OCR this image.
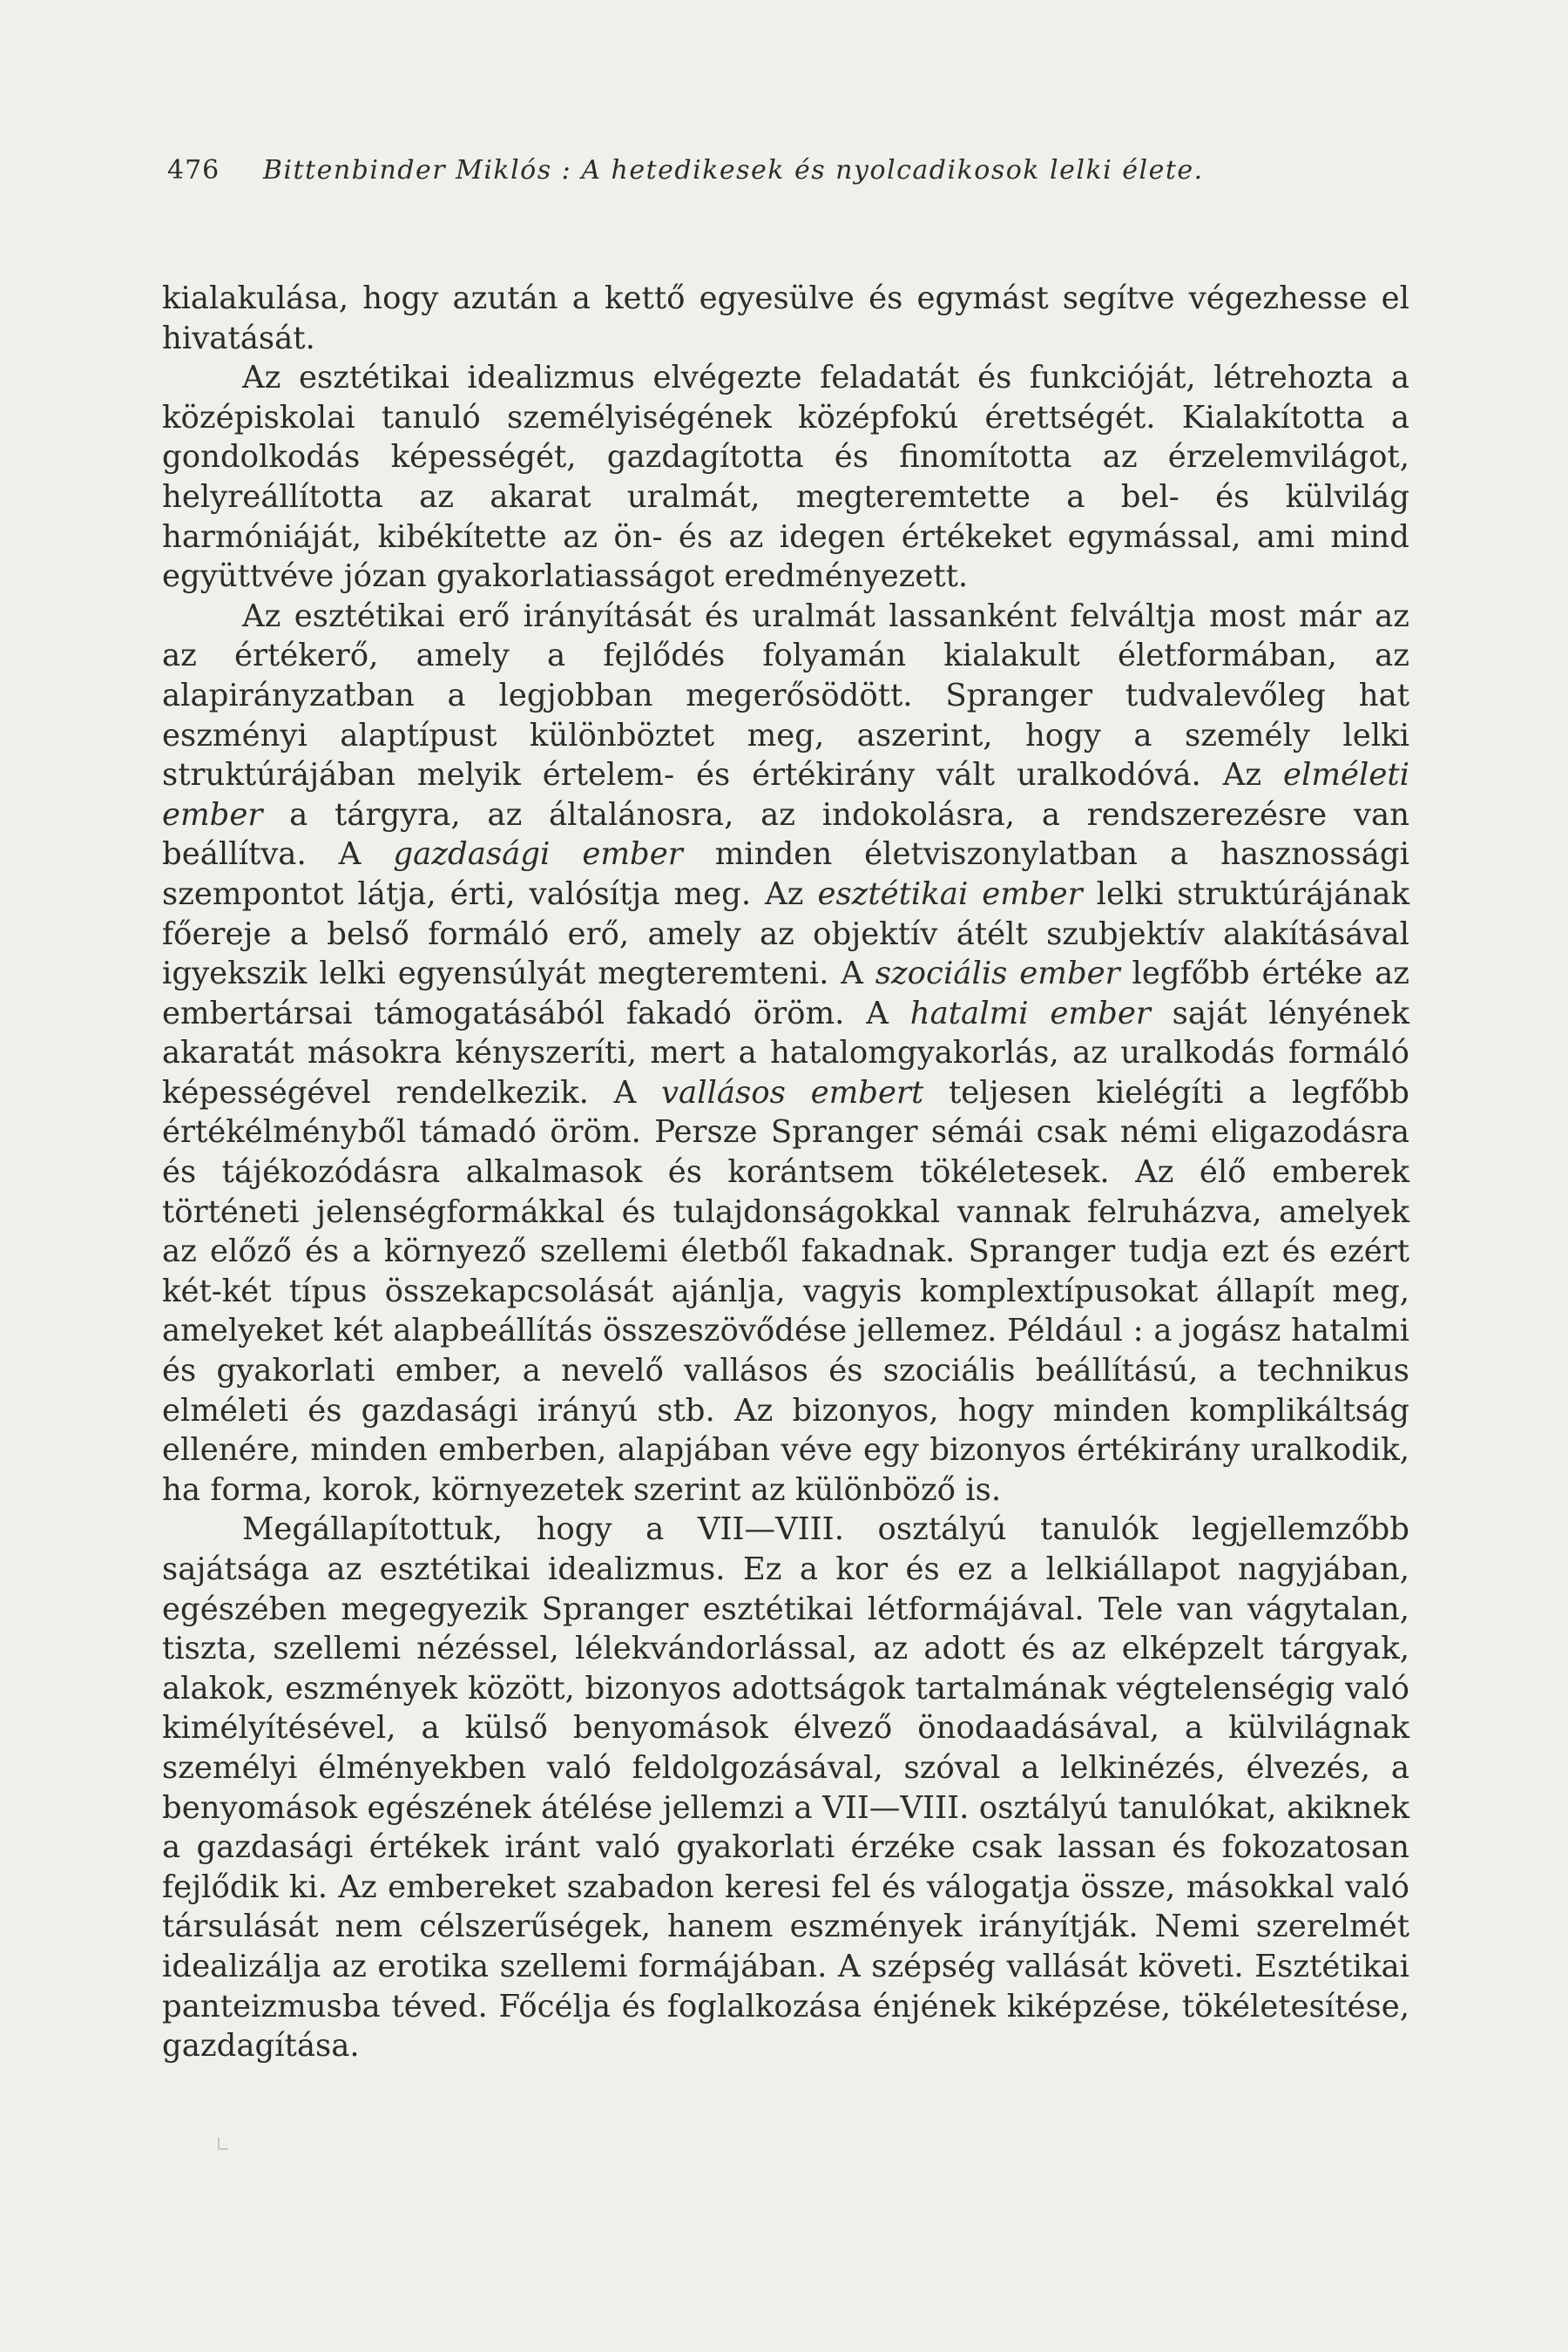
476 Bittenbinder Miklós : A hetedikesek és nyolcadikosok lelki élete.

kialakulása, hogy azután a kettő egyesülve és egymást segítve végezhesse el hivatását.

Az esztétikai idealizmus elvégezte feladatát és funkcióját, létrehozta a középiskolai tanuló személyiségének középfokú érettségét. Kialakította a gondolkodás képességét, gazdagította és finomította az érzelemvilágot, helyreállította az akarat uralmát, megteremtette a bel- és külvilág harmóniáját, kibékítette az ön- és az idegen értékeket egymással, ami mind együttvéve józan gyakorlatiasságot eredményezett.

Az esztétikai erő irányítását és uralmát lassanként felváltja most már az az értékerő, amely a fejlődés folyamán kialakult életformában, az alapirányzatban a legjobban megerősödött. Spranger tudvalevőleg hat eszményi alaptípust különböztet meg, aszerint, hogy a személy lelki struktúrájában melyik értelem- és értékirány vált uralkodóvá. Az elméleti ember a tárgyra, az általánosra, az indokolásra, a rendszerezésre van beállítva. A gazdasági ember minden életviszonylatban a hasznossági szempontot látja, érti, valósítja meg. Az esztétikai ember lelki struktúrájának főereje a belső formáló erő, amely az objektív átélt szubjektív alakításával igyekszik lelki egyensúlyát megteremteni. A szociális ember legfőbb értéke az embertársai támogatásából fakadó öröm. A hatalmi ember saját lényének akaratát másokra kényszeríti, mert a hatalomgyakorlás, az uralkodás formáló képességével rendelkezik. A vallásos embert teljesen kielégíti a legfőbb értékélményből támadó öröm. Persze Spranger sémái csak némi eligazodásra és tájékozódásra alkalmasok és korántsem tökéletesek. Az élő emberek történeti jelenségformákkal és tulajdonságokkal vannak felruházva, amelyek az előző és a környező szellemi életből fakadnak. Spranger tudja ezt és ezért két-két típus összekapcsolását ajánlja, vagyis komplextípusokat állapít meg, amelyeket két alapbeállítás összeszövődése jellemez. Például : a jogász hatalmi és gyakorlati ember, a nevelő vallásos és szociális beállítású, a technikus elméleti és gazdasági irányú stb. Az bizonyos, hogy minden komplikáltság ellenére, minden emberben, alapjában véve egy bizonyos értékirány uralkodik, ha forma, korok, környezetek szerint az különböző is.

Megállapítottuk, hogy a VII—VIII. osztályú tanulók legjellemzőbb sajátsága az esztétikai idealizmus. Ez a kor és ez a lelkiállapot nagyjában, egészében megegyezik Spranger esztétikai létformájával. Tele van vágytalan, tiszta, szellemi nézéssel, lélekvándorlással, az adott és az elképzelt tárgyak, alakok, eszmények között, bizonyos adottságok tartalmának végtelenségig való kimélyítésével, a külső benyomások élvező önodaadásával, a külvilágnak személyi élményekben való feldolgozásával, szóval a lelkinézés, élvezés, a benyomások egészének átélése jellemzi a VII—VIII. osztályú tanulókat, akiknek a gazdasági értékek iránt való gyakorlati érzéke csak lassan és fokozatosan fejlődik ki. Az embereket szabadon keresi fel és válogatja össze, másokkal való társulását nem célszerűségek, hanem eszmények irányítják. Nemi szerelmét idealizálja az erotika szellemi formájában. A szépség vallását követi. Esztétikai panteizmusba téved. Főcélja és foglalkozása énjének kiképzése, tökéletesítése, gazdagítása.
